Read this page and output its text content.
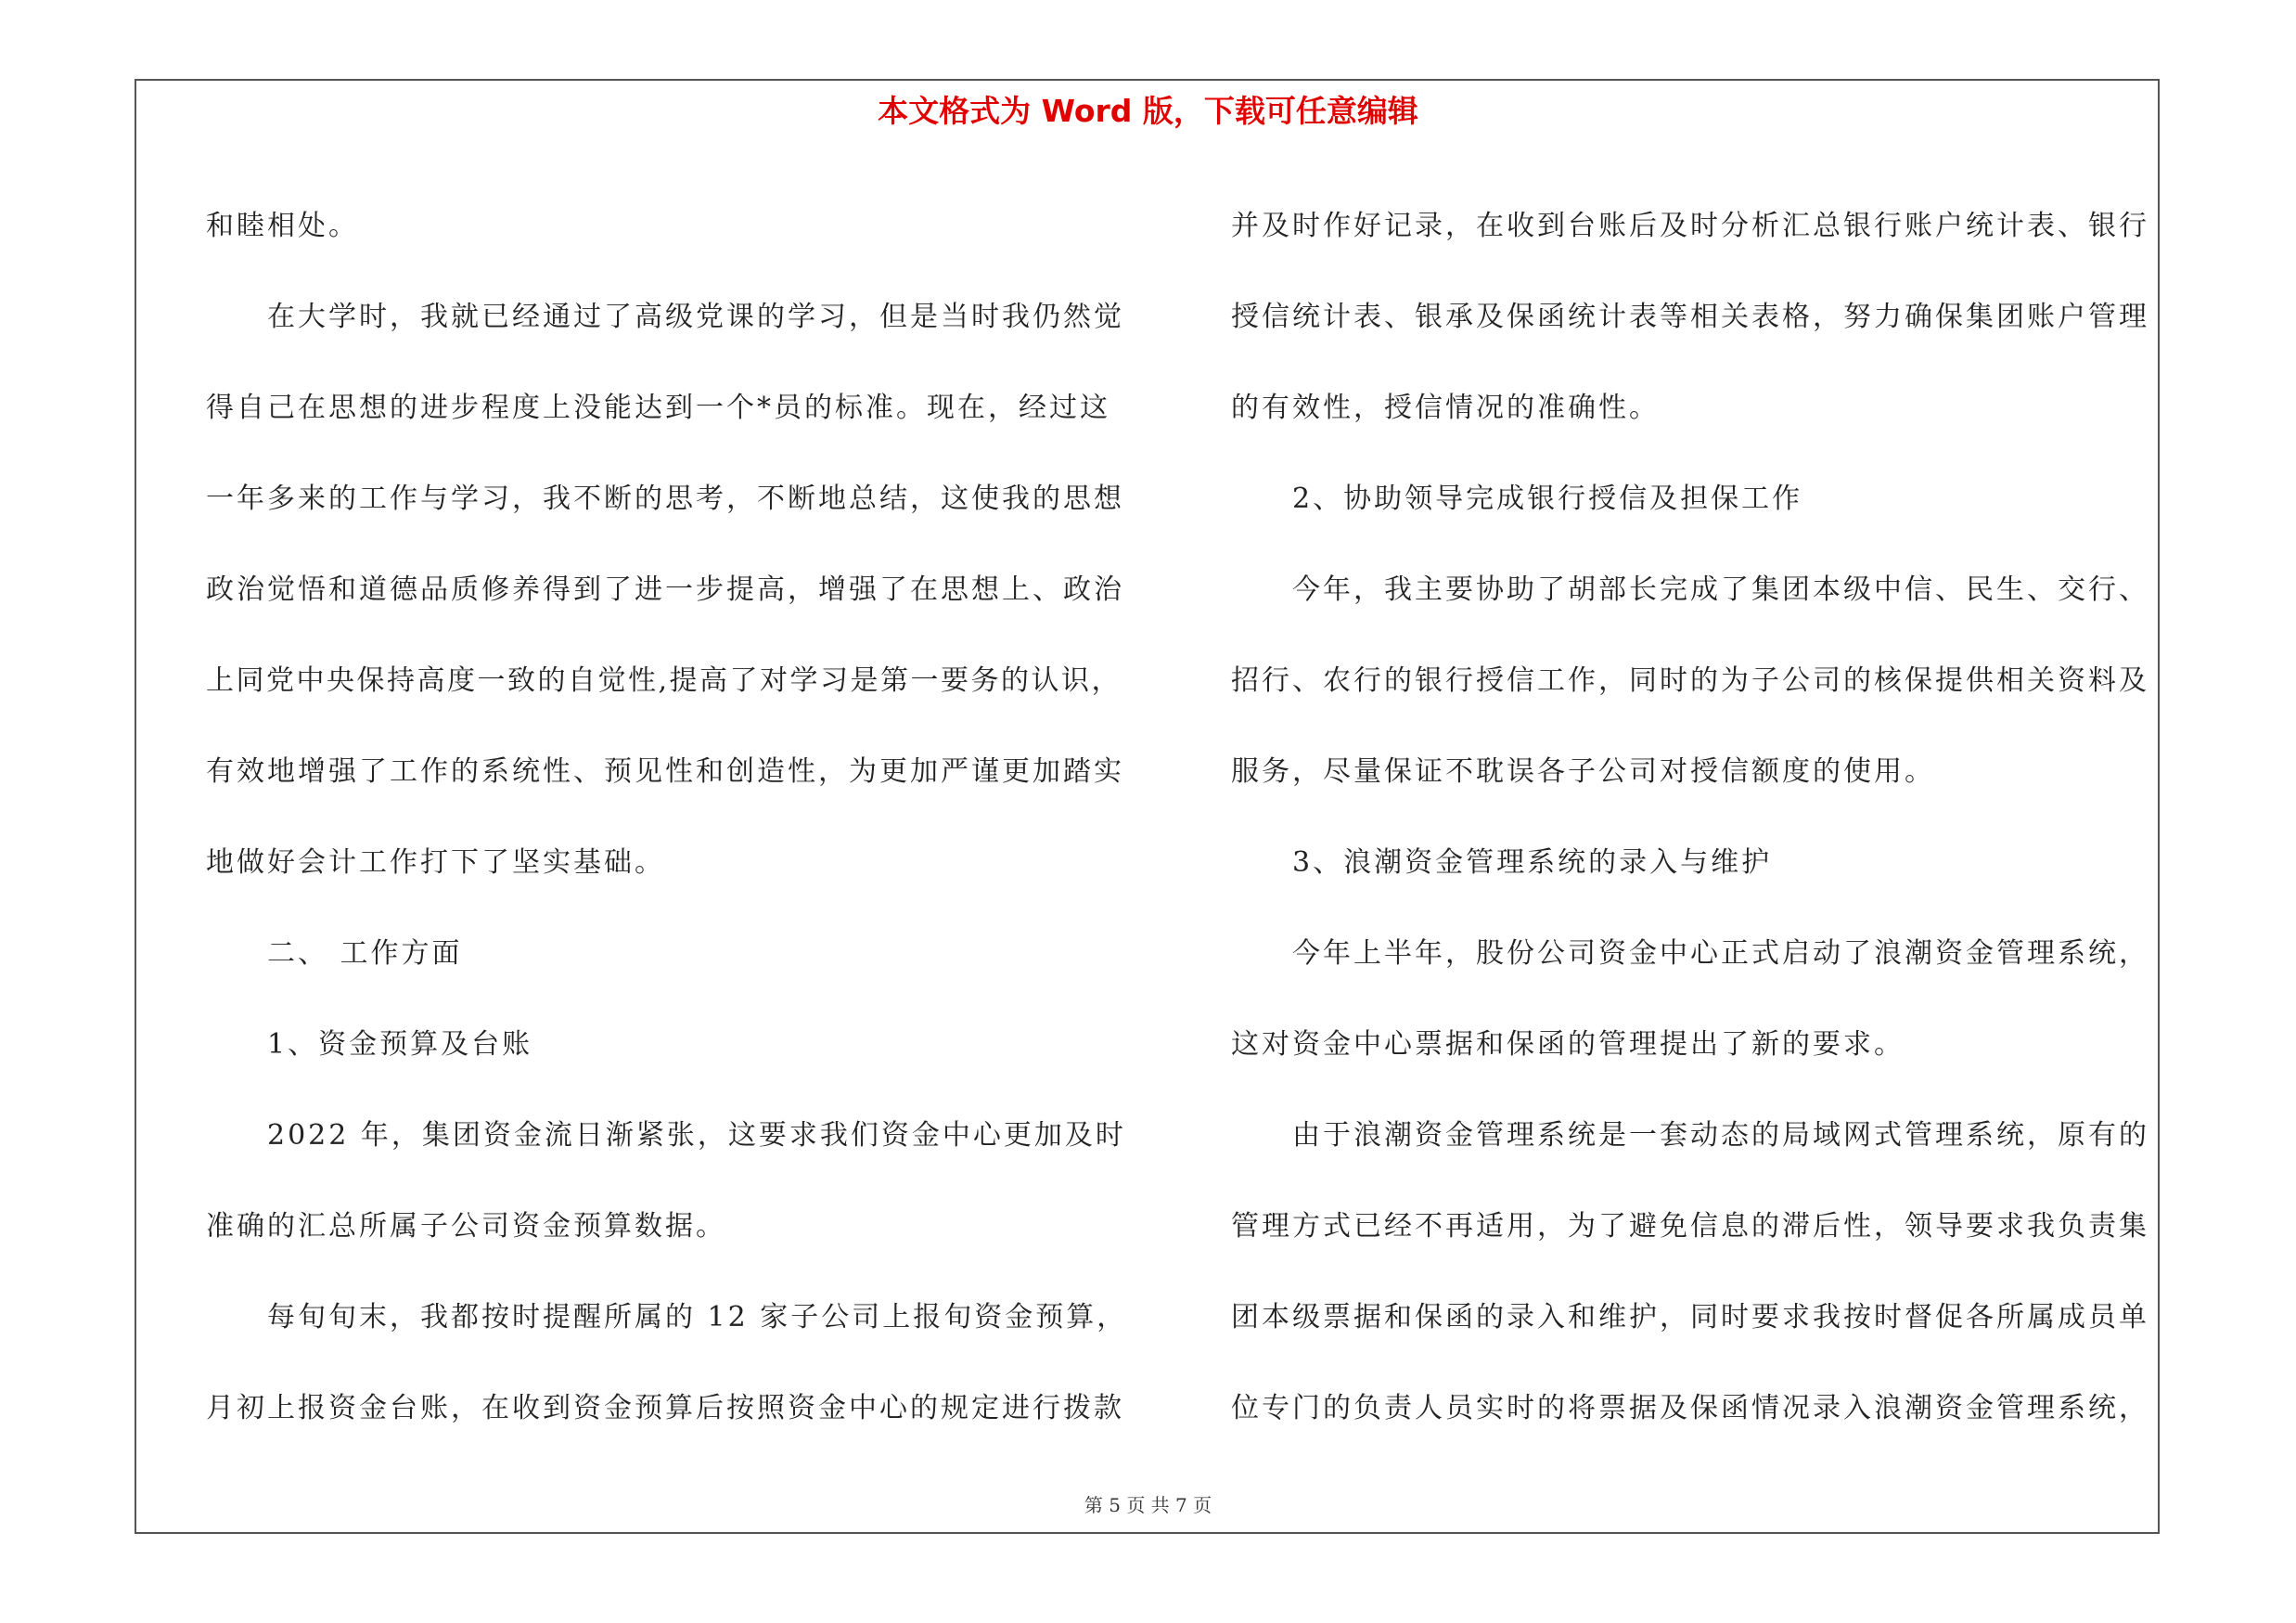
本文格式为 Word 版，下载可任意编辑
和睦相处。
在大学时，我就已经通过了高级党课的学习，但是当时我仍然觉
得自己在思想的进步程度上没能达到一个*员的标准。现在，经过这
一年多来的工作与学习，我不断的思考，不断地总结，这使我的思想
政治觉悟和道德品质修养得到了进一步提高，增强了在思想上、政治
上同党中央保持高度一致的自觉性,提高了对学习是第一要务的认识，
有效地增强了工作的系统性、预见性和创造性，为更加严谨更加踏实
地做好会计工作打下了坚实基础。
二、 工作方面
1、资金预算及台账
2022 年，集团资金流日渐紧张，这要求我们资金中心更加及时
准确的汇总所属子公司资金预算数据。
每旬旬末，我都按时提醒所属的 12 家子公司上报旬资金预算，
月初上报资金台账，在收到资金预算后按照资金中心的规定进行拨款
并及时作好记录，在收到台账后及时分析汇总银行账户统计表、银行
授信统计表、银承及保函统计表等相关表格，努力确保集团账户管理
的有效性，授信情况的准确性。
2、协助领导完成银行授信及担保工作
今年，我主要协助了胡部长完成了集团本级中信、民生、交行、
招行、农行的银行授信工作，同时的为子公司的核保提供相关资料及
服务，尽量保证不耽误各子公司对授信额度的使用。
3、浪潮资金管理系统的录入与维护
今年上半年，股份公司资金中心正式启动了浪潮资金管理系统，
这对资金中心票据和保函的管理提出了新的要求。
由于浪潮资金管理系统是一套动态的局域网式管理系统，原有的
管理方式已经不再适用，为了避免信息的滞后性，领导要求我负责集
团本级票据和保函的录入和维护，同时要求我按时督促各所属成员单
位专门的负责人员实时的将票据及保函情况录入浪潮资金管理系统，
第 5 页 共 7 页
